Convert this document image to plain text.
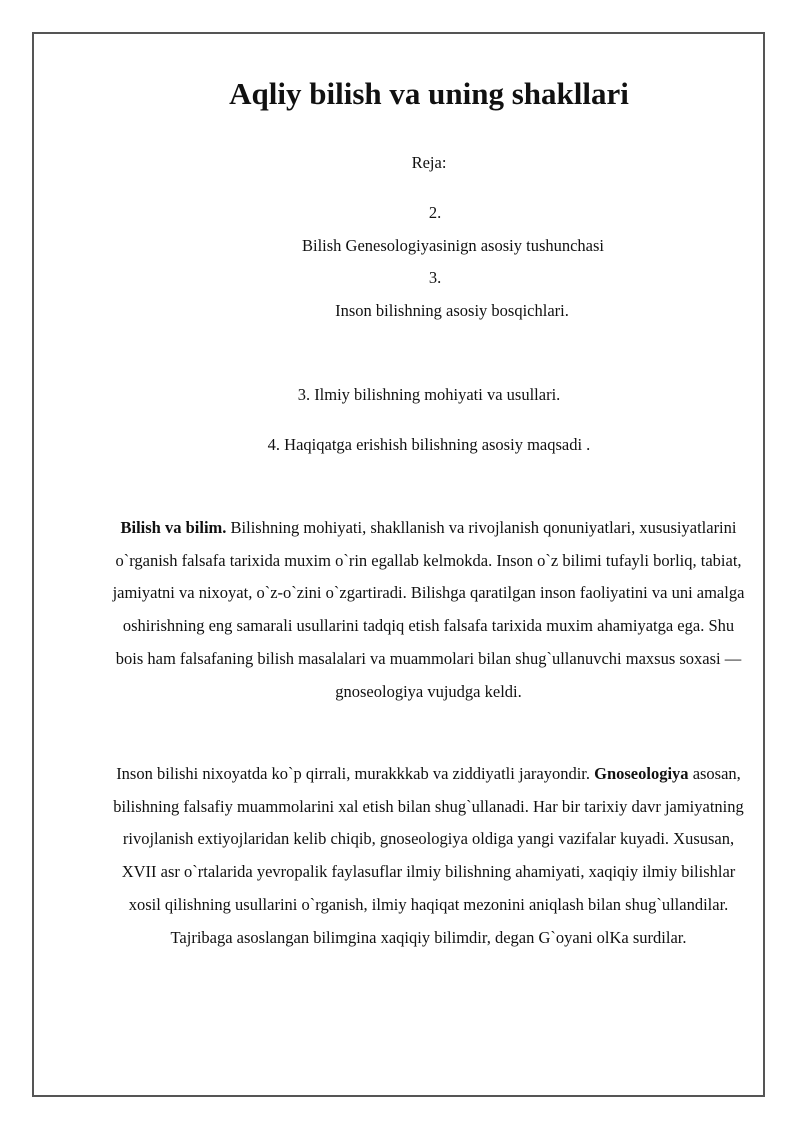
Aqliy bilish va uning shakllari

Reja:

2.

Bilish Genesologiyasinign asosiy tushunchasi

3.

Inson bilishning asosiy bosqichlari.

3. Ilmiy bilishning mohiyati va usullari.

4. Haqiqatga erishish bilishning asosiy maqsadi .

Bilish va bilim. Bilishning mohiyati, shakllanish va rivojlanish qonuniyatlari, xususiyatlarini o`rganish falsafa tarixida muxim o`rin egallab kelmokda. Inson o`z bilimi tufayli borliq, tabiat, jamiyatni va nixoyat, o`z-o`zini o`zgartiradi. Bilishga qaratilgan inson faoliyatini va uni amalga oshirishning eng samarali usullarini tadqiq etish falsafa tarixida muxim ahamiyatga ega. Shu bois ham falsafaning bilish masalalari va muammolari bilan shug`ullanuvchi maxsus soxasi — gnoseologiya vujudga keldi.

Inson bilishi nixoyatda ko`p qirrali, murakkkab va ziddiyatli jarayondir. Gnoseologiya asosan, bilishning falsafiy muammolarini xal etish bilan shug`ullanadi. Har bir tarixiy davr jamiyatning rivojlanish extiyojlaridan kelib chiqib, gnoseologiya oldiga yangi vazifalar kuyadi. Xususan, XVII asr o`rtalarida yevropalik faylasuflar ilmiy bilishning ahamiyati, xaqiqiy ilmiy bilishlar xosil qilishning usullarini o`rganish, ilmiy haqiqat mezonini aniqlash bilan shug`ullandilar. Tajribaga asoslangan bilimgina xaqiqiy bilimdir, degan G`oyani olKa surdilar.
